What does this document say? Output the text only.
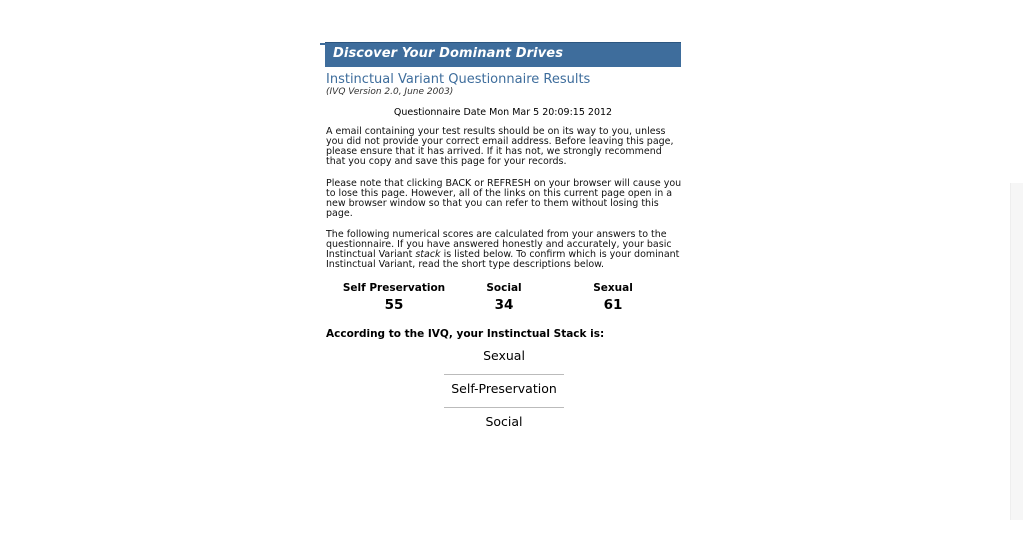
Discover Your Dominant Drives
Instinctual Variant Questionnaire Results
(IVQ Version 2.0, June 2003)
Questionnaire Date Mon Mar 5 20:09:15 2012
A email containing your test results should be on its way to you, unless you did not provide your correct email address. Before leaving this page, please ensure that it has arrived. If it has not, we strongly recommend that you copy and save this page for your records.
Please note that clicking BACK or REFRESH on your browser will cause you to lose this page. However, all of the links on this current page open in a new browser window so that you can refer to them without losing this page.
The following numerical scores are calculated from your answers to the questionnaire. If you have answered honestly and accurately, your basic Instinctual Variant stack is listed below. To confirm which is your dominant Instinctual Variant, read the short type descriptions below.
Self Preservation
55
Social
34
Sexual
61
According to the IVQ, your Instinctual Stack is:
Sexual
Self-Preservation
Social
